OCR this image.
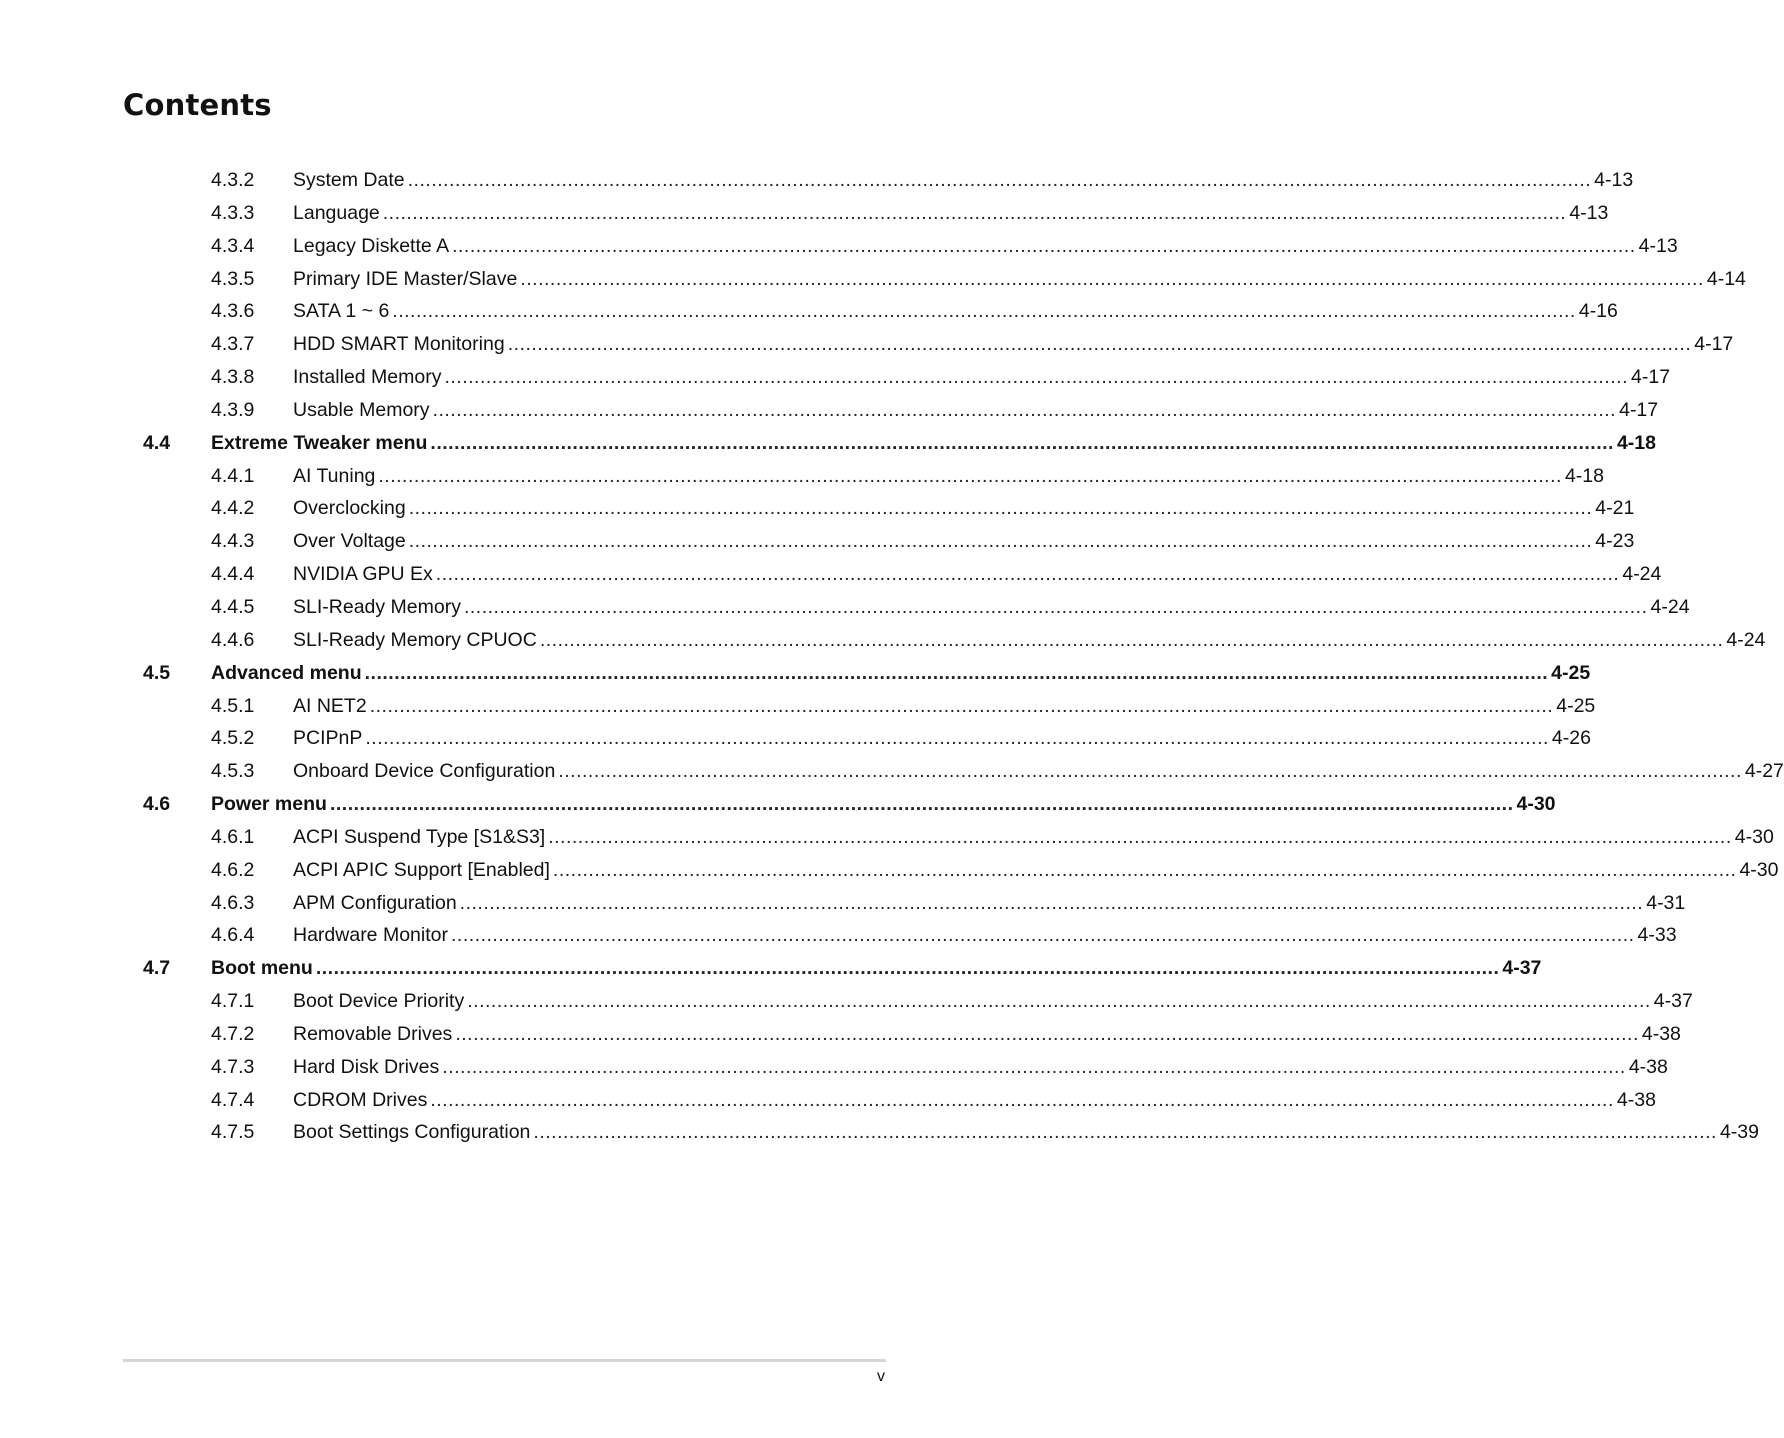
Contents
4.3.2 System Date ........................................................................................................................................................................................................ 4-13
4.3.3 Language ........................................................................................................................................................................................................ 4-13
4.3.4 Legacy Diskette A ........................................................................................................................................................................................................ 4-13
4.3.5 Primary IDE Master/Slave ........................................................................................................................................................................................................ 4-14
4.3.6 SATA 1 ~ 6 ........................................................................................................................................................................................................ 4-16
4.3.7 HDD SMART Monitoring ........................................................................................................................................................................................................ 4-17
4.3.8 Installed Memory ........................................................................................................................................................................................................ 4-17
4.3.9 Usable Memory ........................................................................................................................................................................................................ 4-17
4.4 Extreme Tweaker menu ........................................................................................................................................................................................................ 4-18
4.4.1 AI Tuning ........................................................................................................................................................................................................ 4-18
4.4.2 Overclocking ........................................................................................................................................................................................................ 4-21
4.4.3 Over Voltage ........................................................................................................................................................................................................ 4-23
4.4.4 NVIDIA GPU Ex ........................................................................................................................................................................................................ 4-24
4.4.5 SLI-Ready Memory ........................................................................................................................................................................................................ 4-24
4.4.6 SLI-Ready Memory CPUOC ........................................................................................................................................................................................................ 4-24
4.5 Advanced menu ........................................................................................................................................................................................................ 4-25
4.5.1 AI NET2 ........................................................................................................................................................................................................ 4-25
4.5.2 PCIPnP ........................................................................................................................................................................................................ 4-26
4.5.3 Onboard Device Configuration ........................................................................................................................................................................................................ 4-27
4.6 Power menu ........................................................................................................................................................................................................ 4-30
4.6.1 ACPI Suspend Type [S1&S3] ........................................................................................................................................................................................................ 4-30
4.6.2 ACPI APIC Support [Enabled] ........................................................................................................................................................................................................ 4-30
4.6.3 APM Configuration ........................................................................................................................................................................................................ 4-31
4.6.4 Hardware Monitor ........................................................................................................................................................................................................ 4-33
4.7 Boot menu ........................................................................................................................................................................................................ 4-37
4.7.1 Boot Device Priority ........................................................................................................................................................................................................ 4-37
4.7.2 Removable Drives ........................................................................................................................................................................................................ 4-38
4.7.3 Hard Disk Drives ........................................................................................................................................................................................................ 4-38
4.7.4 CDROM Drives ........................................................................................................................................................................................................ 4-38
4.7.5 Boot Settings Configuration ........................................................................................................................................................................................................ 4-39
v
